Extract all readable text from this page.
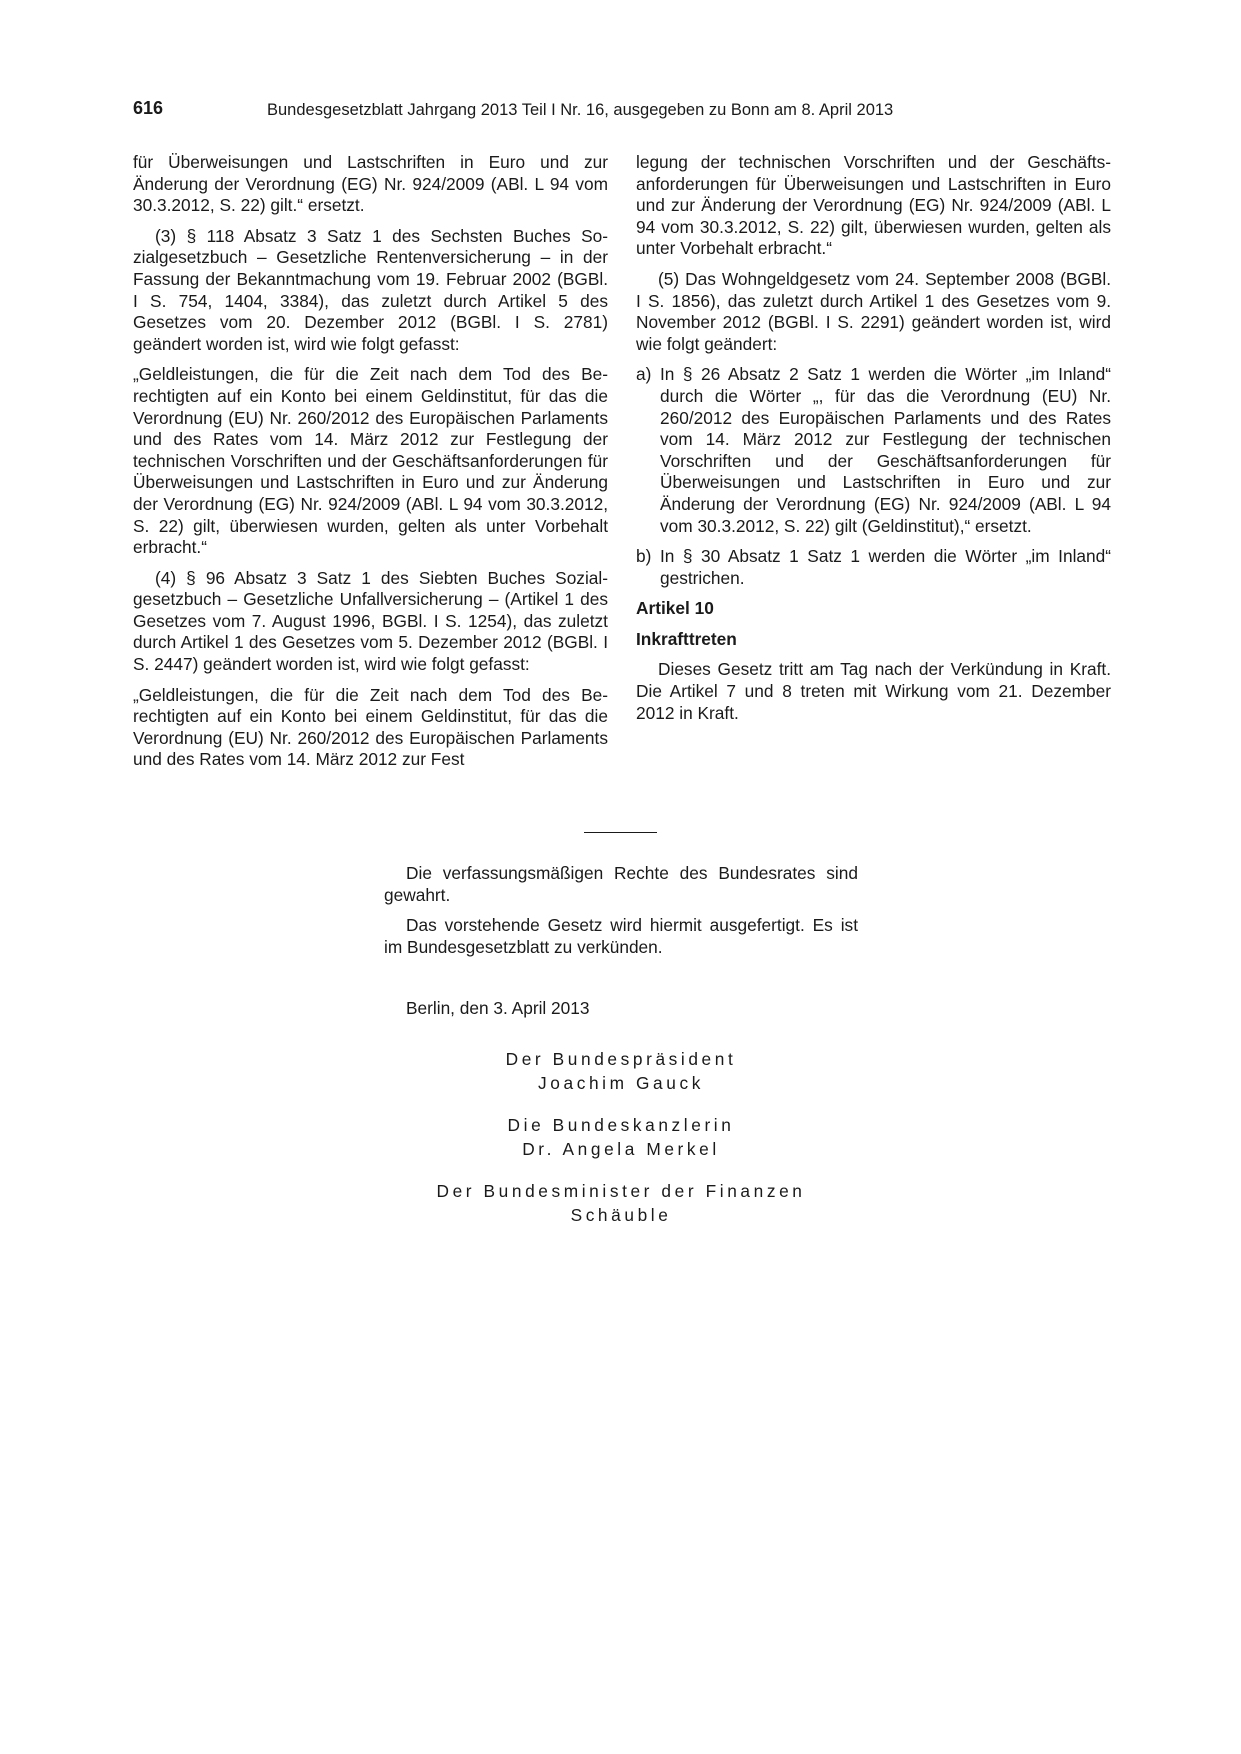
616	Bundesgesetzblatt Jahrgang 2013 Teil I Nr. 16, ausgegeben zu Bonn am 8. April 2013

für Überweisungen und Lastschriften in Euro und zur Änderung der Verordnung (EG) Nr. 924/2009 (ABl. L 94 vom 30.3.2012, S. 22) gilt.“ ersetzt.

(3) § 118 Absatz 3 Satz 1 des Sechsten Buches Sozialgesetzbuch – Gesetzliche Rentenversicherung – in der Fassung der Bekanntmachung vom 19. Februar 2002 (BGBl. I S. 754, 1404, 3384), das zuletzt durch Artikel 5 des Gesetzes vom 20. Dezember 2012 (BGBl. I S. 2781) geändert worden ist, wird wie folgt gefasst:

„Geldleistungen, die für die Zeit nach dem Tod des Berechtigten auf ein Konto bei einem Geldinstitut, für das die Verordnung (EU) Nr. 260/2012 des Europäischen Parlaments und des Rates vom 14. März 2012 zur Festlegung der technischen Vorschriften und der Geschäftsanforderungen für Überweisungen und Lastschriften in Euro und zur Änderung der Verordnung (EG) Nr. 924/2009 (ABl. L 94 vom 30.3.2012, S. 22) gilt, überwiesen wurden, gelten als unter Vorbehalt erbracht.“

(4) § 96 Absatz 3 Satz 1 des Siebten Buches Sozialgesetzbuch – Gesetzliche Unfallversicherung – (Artikel 1 des Gesetzes vom 7. August 1996, BGBl. I S. 1254), das zuletzt durch Artikel 1 des Gesetzes vom 5. Dezember 2012 (BGBl. I S. 2447) geändert worden ist, wird wie folgt gefasst:

„Geldleistungen, die für die Zeit nach dem Tod des Berechtigten auf ein Konto bei einem Geldinstitut, für das die Verordnung (EU) Nr. 260/2012 des Europäischen Parlaments und des Rates vom 14. März 2012 zur Fest

legung der technischen Vorschriften und der Geschäftsanforderungen für Überweisungen und Lastschriften in Euro und zur Änderung der Verordnung (EG) Nr. 924/2009 (ABl. L 94 vom 30.3.2012, S. 22) gilt, überwiesen wurden, gelten als unter Vorbehalt erbracht.“

(5) Das Wohngeldgesetz vom 24. September 2008 (BGBl. I S. 1856), das zuletzt durch Artikel 1 des Gesetzes vom 9. November 2012 (BGBl. I S. 2291) geändert worden ist, wird wie folgt geändert:

a) In § 26 Absatz 2 Satz 1 werden die Wörter „im Inland“ durch die Wörter „, für das die Verordnung (EU) Nr. 260/2012 des Europäischen Parlaments und des Rates vom 14. März 2012 zur Festlegung der technischen Vorschriften und der Geschäftsanforderungen für Überweisungen und Lastschriften in Euro und zur Änderung der Verordnung (EG) Nr. 924/2009 (ABl. L 94 vom 30.3.2012, S. 22) gilt (Geldinstitut),“ ersetzt.
b) In § 30 Absatz 1 Satz 1 werden die Wörter „im Inland“ gestrichen.

Artikel 10

Inkrafttreten

Dieses Gesetz tritt am Tag nach der Verkündung in Kraft. Die Artikel 7 und 8 treten mit Wirkung vom 21. Dezember 2012 in Kraft.

Die verfassungsmäßigen Rechte des Bundesrates sind gewahrt.

Das vorstehende Gesetz wird hiermit ausgefertigt. Es ist im Bundesgesetzblatt zu verkünden.

Berlin, den 3. April 2013

Der Bundespräsident
Joachim Gauck
Die Bundeskanzlerin
Dr. Angela Merkel
Der Bundesminister der Finanzen
Schäuble
